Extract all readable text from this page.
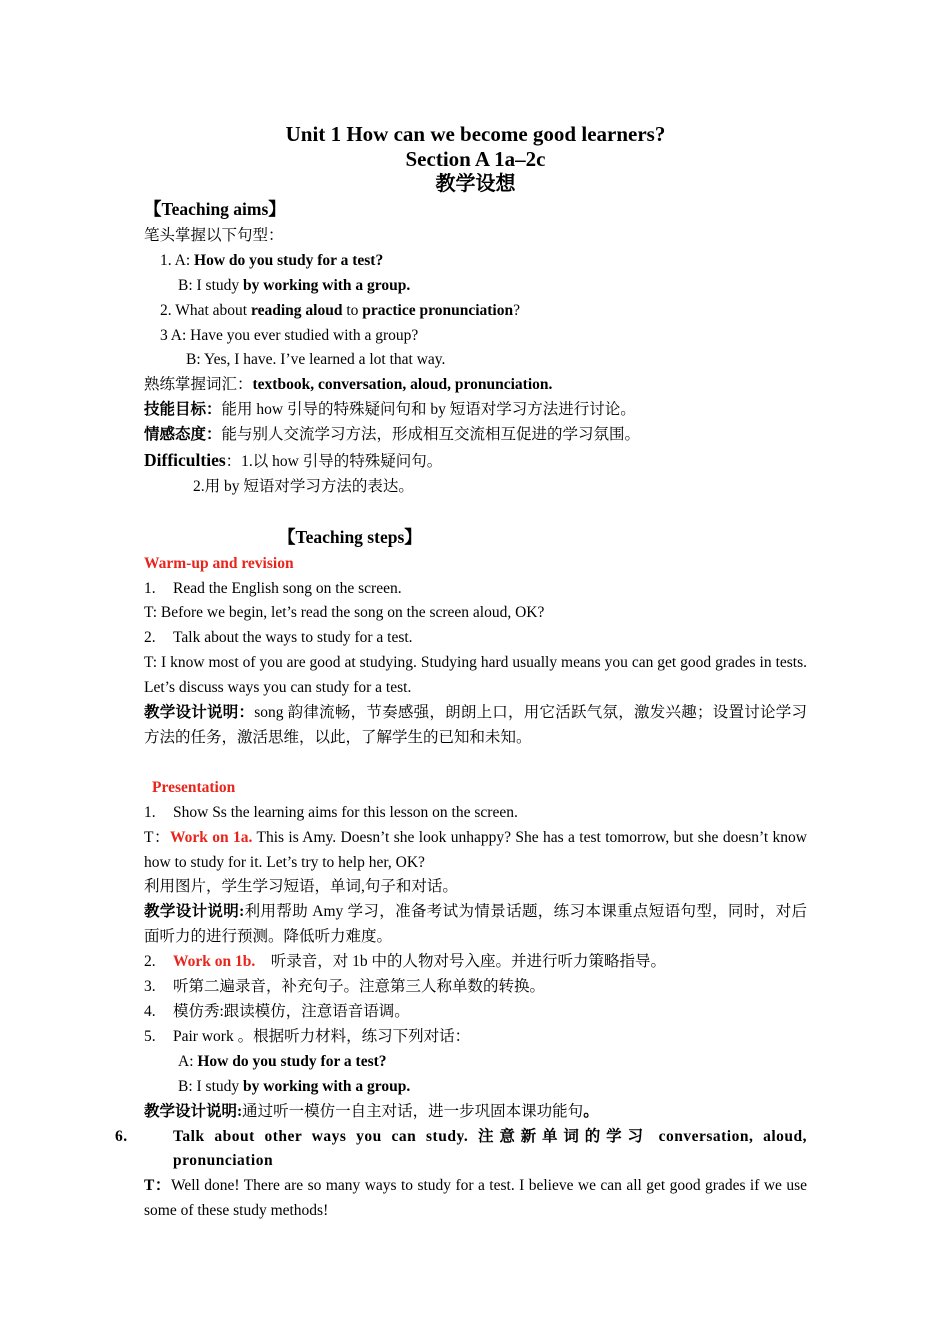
Unit 1 How can we become good learners?
Section A 1a–2c
教学设想
【Teaching aims】
笔头掌握以下句型：
1. A: How do you study for a test?
B: I study by working with a group.
2. What about reading aloud to practice pronunciation?
3 A: Have you ever studied with a group?
B: Yes, I have. I’ve learned a lot that way.
熟练掌握词汇：textbook, conversation, aloud, pronunciation.
技能目标：能用 how 引导的特殊疑问句和 by 短语对学习方法进行讨论。
情感态度：能与别人交流学习方法，形成相互交流相互促进的学习氛围。
Difficulties：1.以 how 引导的特殊疑问句。
2.用 by 短语对学习方法的表达。
【Teaching steps】
Warm-up and revision
1. Read the English song on the screen.
T: Before we begin, let’s read the song on the screen aloud, OK?
2. Talk about the ways to study for a test.
T: I know most of you are good at studying. Studying hard usually means you can get good grades in tests. Let’s discuss ways you can study for a test.
教学设计说明：song 韵律流畅，节奏感强，朗朗上口，用它活跃气氛，激发兴趣；设置讨论学习方法的任务，激活思维，以此，了解学生的已知和未知。
Presentation
1. Show Ss the learning aims for this lesson on the screen.
T：Work on 1a. This is Amy. Doesn’t she look unhappy? She has a test tomorrow, but she doesn’t know how to study for it. Let’s try to help her, OK?
利用图片，学生学习短语，单词,句子和对话。
教学设计说明:利用帮助 Amy 学习，准备考试为情景话题，练习本课重点短语句型，同时，对后面听力的进行预测。降低听力难度。
2. Work on 1b.    听录音，对 1b 中的人物对号入座。并进行听力策略指导。
3. 听第二遍录音，补充句子。注意第三人称单数的转换。
4. 模仿秀:跟读模仿，注意语音语调。
5. Pair work 。根据听力材料，练习下列对话：
A: How do you study for a test?
B: I study by working with a group.
教学设计说明:通过听一模仿一自主对话，进一步巩固本课功能句。
6.	Talk about other ways you can study. 注意新单词的学习 conversation, aloud, pronunciation
T：Well done! There are so many ways to study for a test. I believe we can all get good grades if we use some of these study methods!
